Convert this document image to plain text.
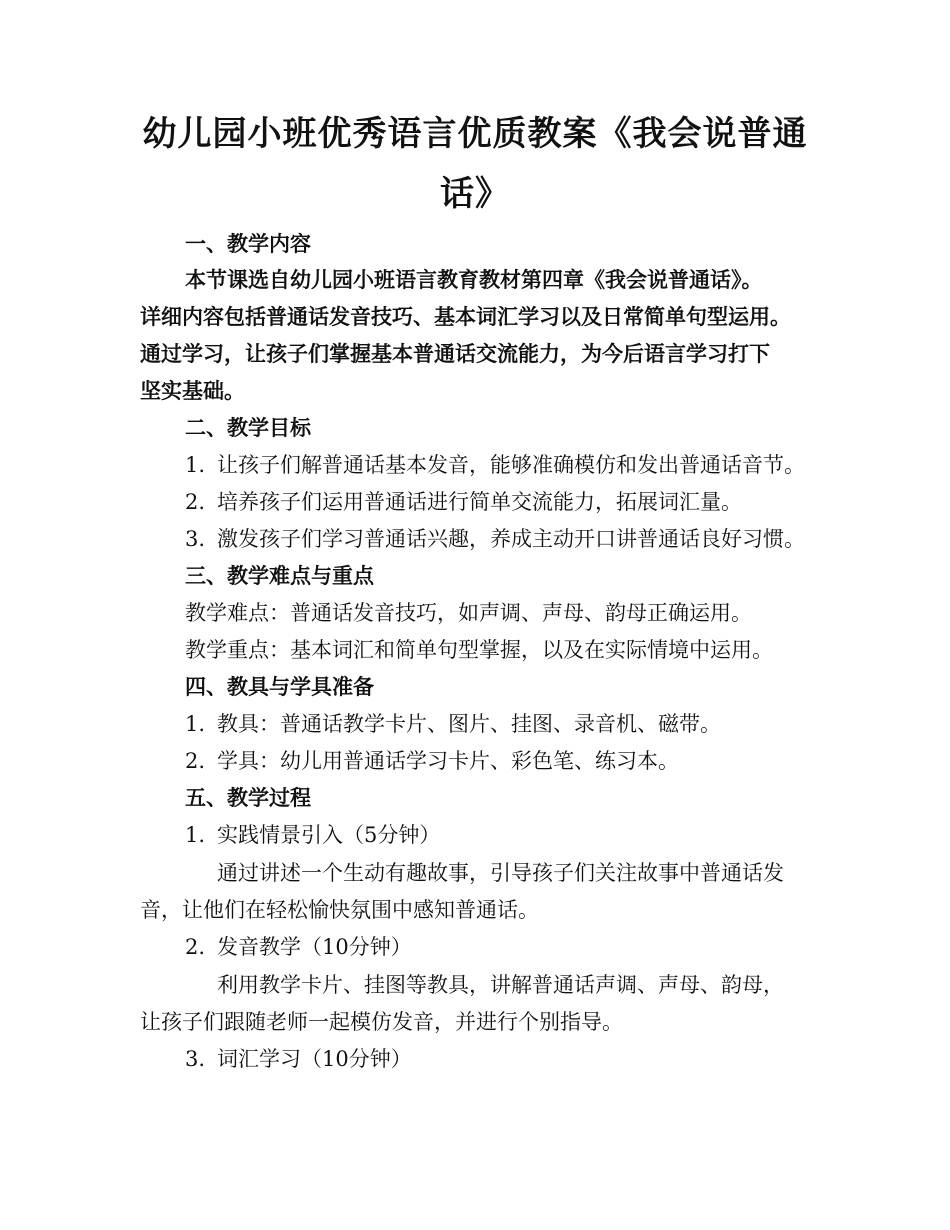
幼儿园小班优秀语言优质教案《我会说普通
话》
一、教学内容
本节课选自幼儿园小班语言教育教材第四章《我会说普通话》。
详细内容包括普通话发音技巧、基本词汇学习以及日常简单句型运用。
通过学习，让孩子们掌握基本普通话交流能力，为今后语言学习打下
坚实基础。
二、教学目标
1. 让孩子们解普通话基本发音，能够准确模仿和发出普通话音节。
2. 培养孩子们运用普通话进行简单交流能力，拓展词汇量。
3. 激发孩子们学习普通话兴趣，养成主动开口讲普通话良好习惯。
三、教学难点与重点
教学难点：普通话发音技巧，如声调、声母、韵母正确运用。
教学重点：基本词汇和简单句型掌握，以及在实际情境中运用。
四、教具与学具准备
1. 教具：普通话教学卡片、图片、挂图、录音机、磁带。
2. 学具：幼儿用普通话学习卡片、彩色笔、练习本。
五、教学过程
1. 实践情景引入（5分钟）
通过讲述一个生动有趣故事，引导孩子们关注故事中普通话发
音，让他们在轻松愉快氛围中感知普通话。
2. 发音教学（10分钟）
利用教学卡片、挂图等教具，讲解普通话声调、声母、韵母，
让孩子们跟随老师一起模仿发音，并进行个别指导。
3. 词汇学习（10分钟）
